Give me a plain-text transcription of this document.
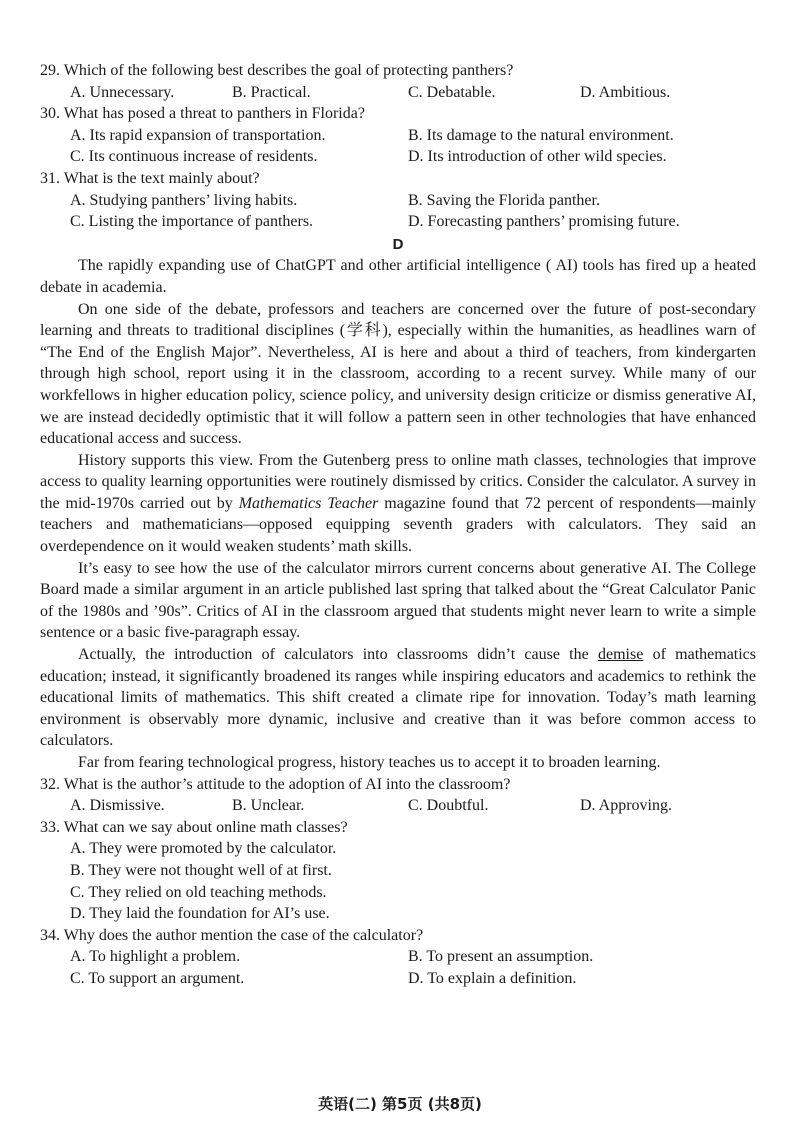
29. Which of the following best describes the goal of protecting panthers?

A. Unnecessary.	B. Practical.	C. Debatable.	D. Ambitious.

30. What has posed a threat to panthers in Florida?

A. Its rapid expansion of transportation.	B. Its damage to the natural environment.
C. Its continuous increase of residents.	D. Its introduction of other wild species.

31. What is the text mainly about?

A. Studying panthers’ living habits.	B. Saving the Florida panther.
C. Listing the importance of panthers.	D. Forecasting panthers’ promising future.

D

The rapidly expanding use of ChatGPT and other artificial intelligence ( AI) tools has fired up a heated debate in academia.

On one side of the debate, professors and teachers are concerned over the future of post-secondary learning and threats to traditional disciplines (学科), especially within the humanities, as headlines warn of “The End of the English Major”. Nevertheless, AI is here and about a third of teachers, from kindergarten through high school, report using it in the classroom, according to a recent survey. While many of our workfellows in higher education policy, science policy, and university design criticize or dismiss generative AI, we are instead decidedly optimistic that it will follow a pattern seen in other technologies that have enhanced educational access and success.

History supports this view. From the Gutenberg press to online math classes, technologies that improve access to quality learning opportunities were routinely dismissed by critics. Consider the calculator. A survey in the mid-1970s carried out by Mathematics Teacher magazine found that 72 percent of respondents—mainly teachers and mathematicians—opposed equipping seventh graders with calculators. They said an overdependence on it would weaken students’ math skills.

It’s easy to see how the use of the calculator mirrors current concerns about generative AI. The College Board made a similar argument in an article published last spring that talked about the “Great Calculator Panic of the 1980s and ’90s”. Critics of AI in the classroom argued that students might never learn to write a simple sentence or a basic five-paragraph essay.

Actually, the introduction of calculators into classrooms didn’t cause the demise of mathematics education; instead, it significantly broadened its ranges while inspiring educators and academics to rethink the educational limits of mathematics. This shift created a climate ripe for innovation. Today’s math learning environment is observably more dynamic, inclusive and creative than it was before common access to calculators.

Far from fearing technological progress, history teaches us to accept it to broaden learning.

32. What is the author’s attitude to the adoption of AI into the classroom?

A. Dismissive.	B. Unclear.	C. Doubtful.	D. Approving.

33. What can we say about online math classes?

A. They were promoted by the calculator.
B. They were not thought well of at first.
C. They relied on old teaching methods.
D. They laid the foundation for AI’s use.

34. Why does the author mention the case of the calculator?

A. To highlight a problem.	B. To present an assumption.
C. To support an argument.	D. To explain a definition.
英语(二) 第5页 (共8页)
